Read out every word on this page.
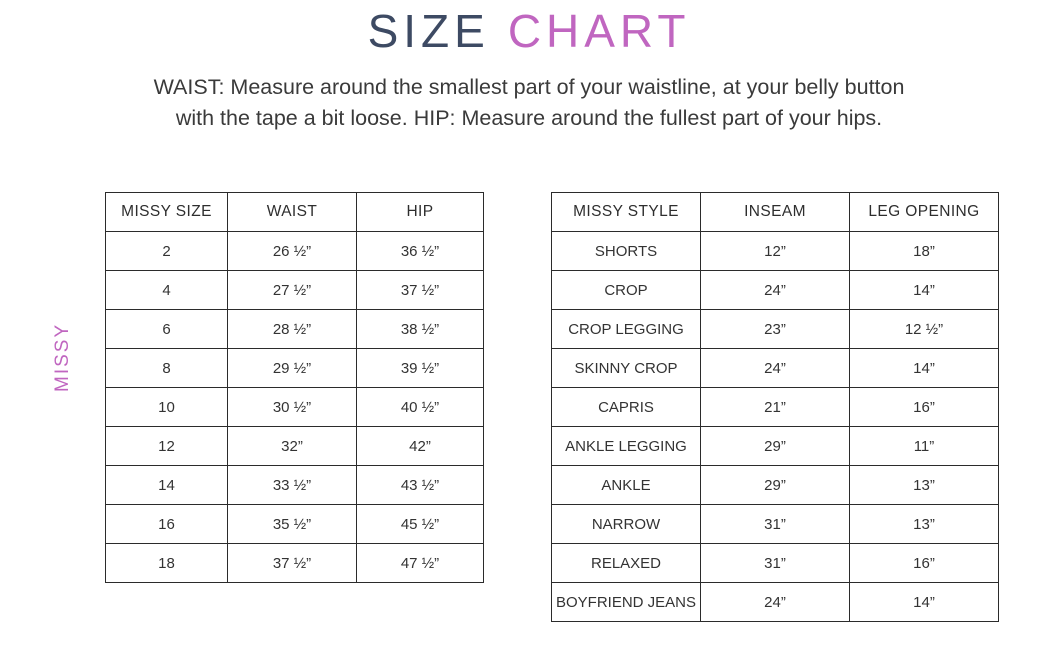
SIZE CHART
WAIST: Measure around the smallest part of your waistline, at your belly button
with the tape a bit loose. HIP: Measure around the fullest part of your hips.
MISSY
MISSY SIZE	WAIST	HIP
2	26 ½”	36 ½”
4	27 ½”	37 ½”
6	28 ½”	38 ½”
8	29 ½”	39 ½”
10	30 ½”	40 ½”
12	32”	42”
14	33 ½”	43 ½”
16	35 ½”	45 ½”
18	37 ½”	47 ½”
MISSY STYLE	INSEAM	LEG OPENING
SHORTS	12”	18”
CROP	24”	14”
CROP LEGGING	23”	12 ½”
SKINNY CROP	24”	14”
CAPRIS	21”	16”
ANKLE LEGGING	29”	11”
ANKLE	29”	13”
NARROW	31”	13”
RELAXED	31”	16”
BOYFRIEND JEANS	24”	14”
